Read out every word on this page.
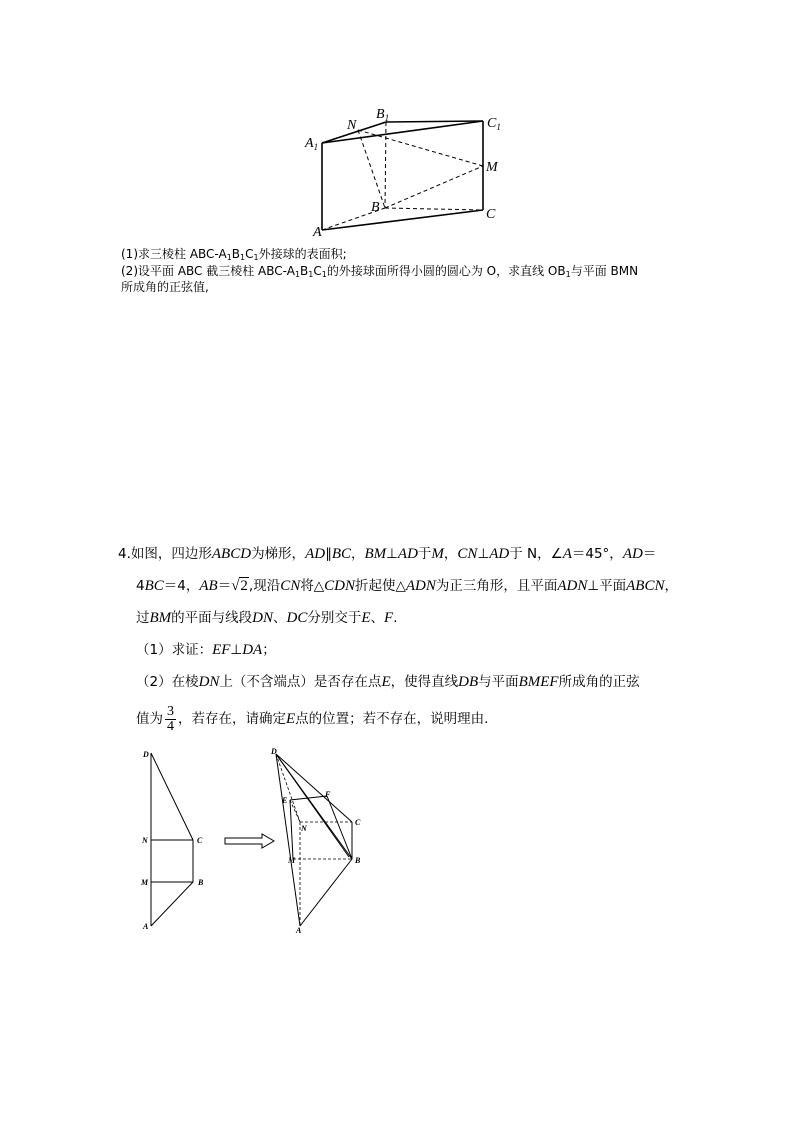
$A_1$
$B_1$	$C_1$
N
M
B
A
C
(1)求三棱柱 ABC-$A_1B_1C_1$外接球的表面积;
(2)设平面 ABC 截三棱柱 ABC-$A_1B_1C_1$的外接球面所得小圆的圆心为 O，求直线 $OB_1$与平面 BMN
所成角的正弦值,
4.如图，四边形ABCD为梯形，AD∥BC，BM⊥AD于M，CN⊥AD于 N，∠A＝45°，AD＝
4BC＝4，AB＝√2,现沿CN将△CDN折起使△ADN为正三角形，且平面ADN⊥平面ABCN，
过BM的平面与线段DN、DC分别交于E、F.
（1）求证：EF⊥DA；
（2）在棱DN上（不含端点）是否存在点E，使得直线DB与平面BMEF所成角的正弦
值为 $\frac{3}{4}$ ，若存在，请确定E点的位置；若不存在，说明理由.
D
N	C
M	B
A
D
E
F
N
C
M	B
A
